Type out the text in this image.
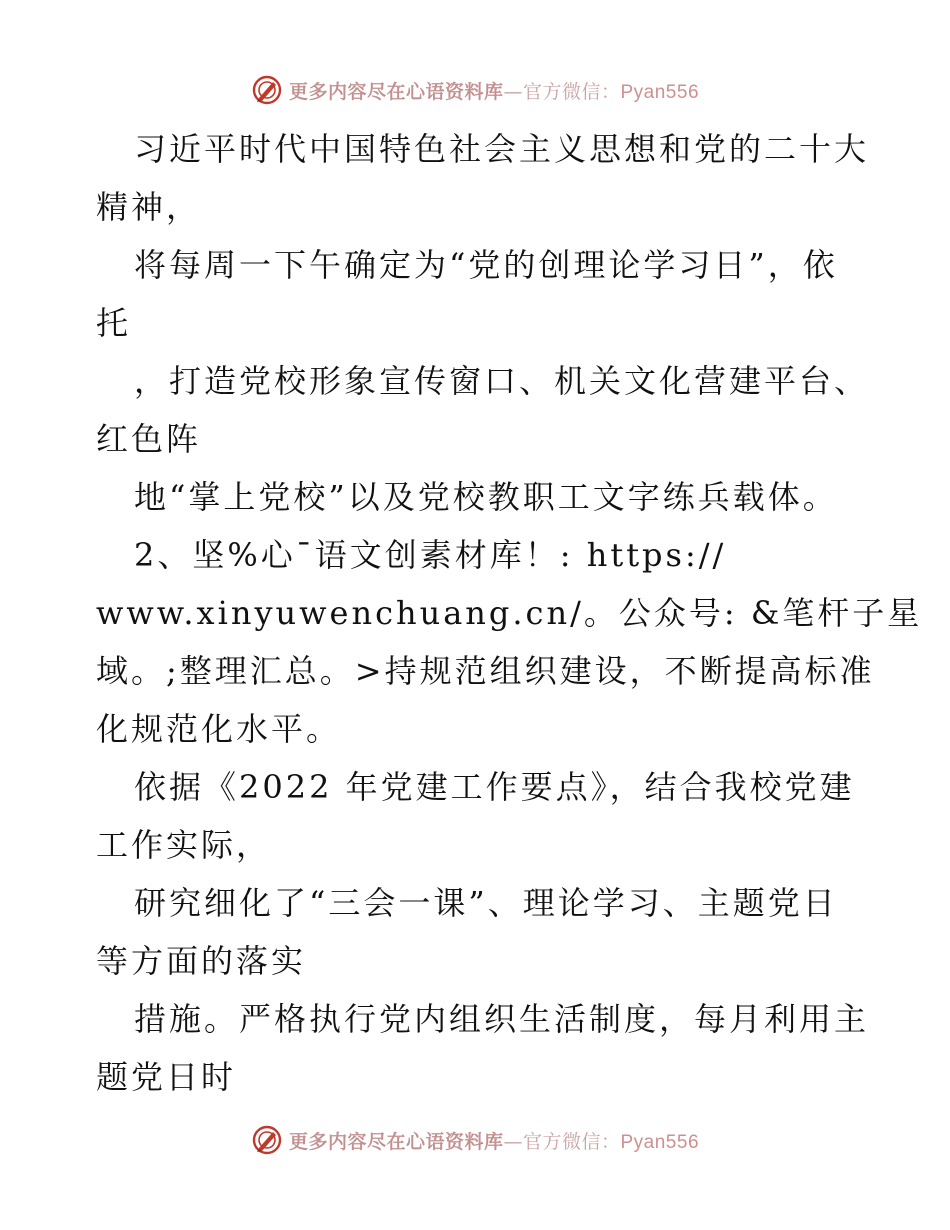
更多内容尽在心语资料库—官方微信：Pyan556
习近平时代中国特色社会主义思想和党的二十大
精神，
将每周一下午确定为“党的创理论学习日”，依
托
，打造党校形象宣传窗口、机关文化营建平台、
红色阵
地“掌上党校”以及党校教职工文字练兵载体。
2、坚%心¯语文创素材库！: https://
www.xinyuwenchuang.cn/。公众号: &笔杆子星
域。;整理汇总。>持规范组织建设，不断提高标准
化规范化水平。
依据《2022 年党建工作要点》，结合我校党建
工作实际，
研究细化了“三会一课”、理论学习、主题党日
等方面的落实
措施。严格执行党内组织生活制度，每月利用主
题党日时
更多内容尽在心语资料库—官方微信：Pyan556
